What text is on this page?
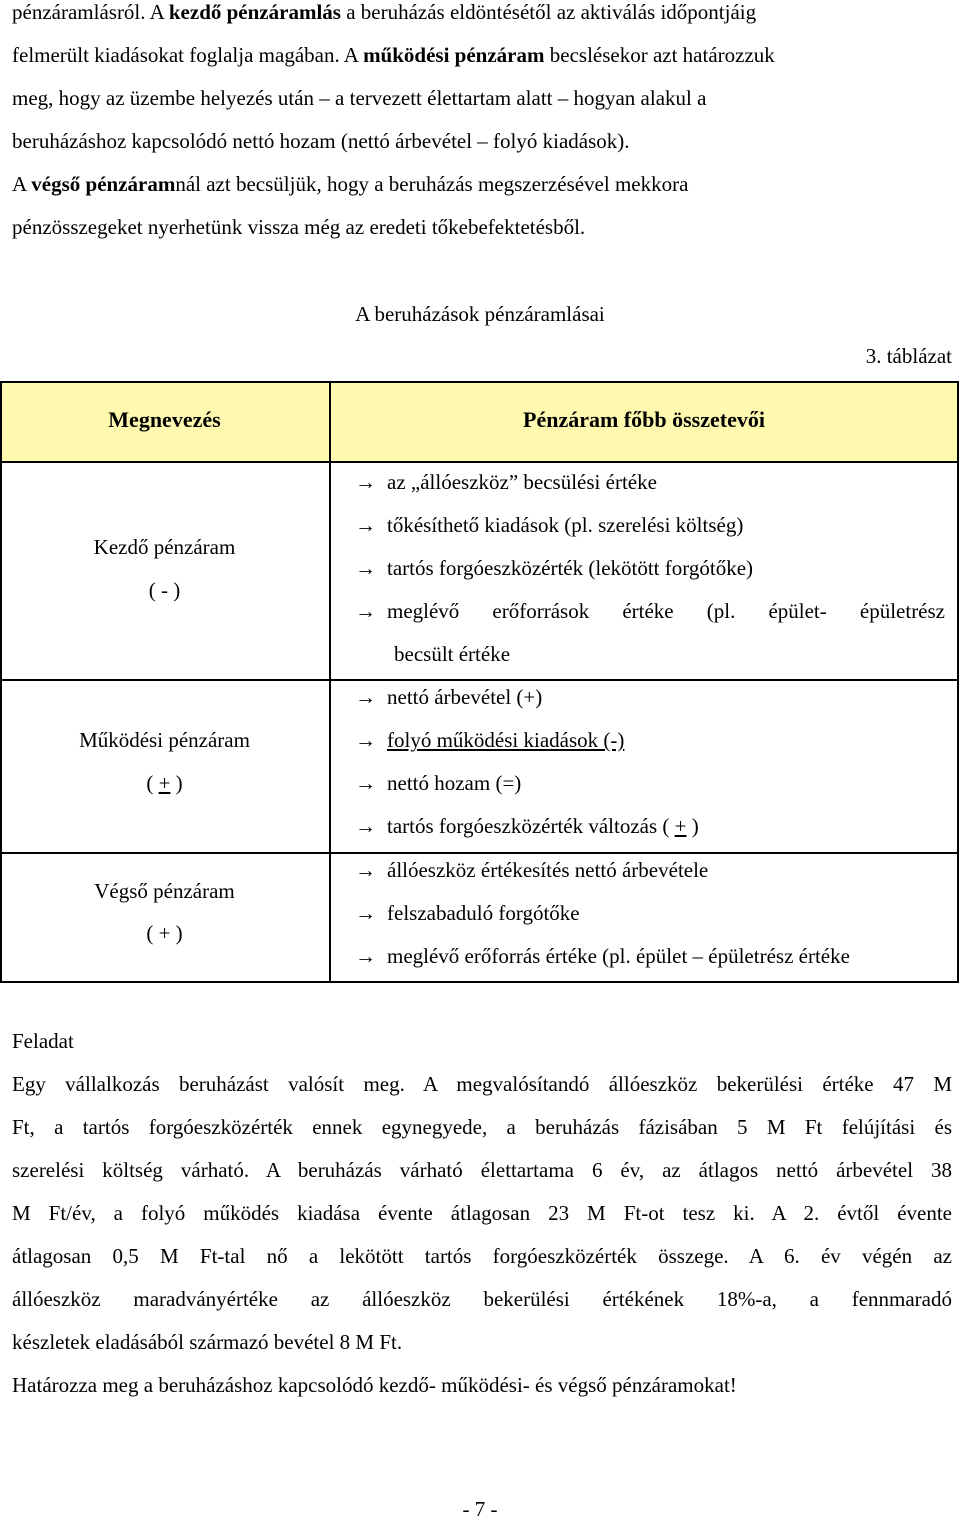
pénzáramlásról. A kezdő pénzáramlás a beruházás eldöntésétől az aktiválás időpontjáig
felmerült kiadásokat foglalja magában. A működési pénzáram becslésekor azt határozzuk
meg, hogy az üzembe helyezés után – a tervezett élettartam alatt – hogyan alakul a
beruházáshoz kapcsolódó nettó hozam (nettó árbevétel – folyó kiadások).
A végső pénzáramnál azt becsüljük, hogy a beruházás megszerzésével mekkora
pénzösszegeket nyerhetünk vissza még az eredeti tőkebefektetésből.
A beruházások pénzáramlásai
3. táblázat
Megnevezés	Pénzáram főbb összetevői
Kezdő pénzáram
( - )
→ az „állóeszköz” becsülési értéke
→ tőkésíthető kiadások (pl. szerelési költség)
→ tartós forgóeszközérték (lekötött forgótőke)
→ meglévő erőforrások értéke (pl. épület- épületrész
becsült értéke
Működési pénzáram
( + )
→ nettó árbevétel (+)
→ folyó működési kiadások (-)
→ nettó hozam (=)
→ tartós forgóeszközérték változás ( + )
Végső pénzáram
( + )
→ állóeszköz értékesítés nettó árbevétele
→ felszabaduló forgótőke
→ meglévő erőforrás értéke (pl. épület – épületrész értéke
Feladat
Egy vállalkozás beruházást valósít meg. A megvalósítandó állóeszköz bekerülési értéke 47 M
Ft, a tartós forgóeszközérték ennek egynegyede, a beruházás fázisában 5 M Ft felújítási és
szerelési költség várható. A beruházás várható élettartama 6 év, az átlagos nettó árbevétel 38
M Ft/év, a folyó működés kiadása évente átlagosan 23 M Ft-ot tesz ki. A 2. évtől évente
átlagosan 0,5 M Ft-tal nő a lekötött tartós forgóeszközérték összege. A 6. év végén az
állóeszköz maradványértéke az állóeszköz bekerülési értékének 18%-a, a fennmaradó
készletek eladásából származó bevétel 8 M Ft.
Határozza meg a beruházáshoz kapcsolódó kezdő- működési- és végső pénzáramokat!
- 7 -
